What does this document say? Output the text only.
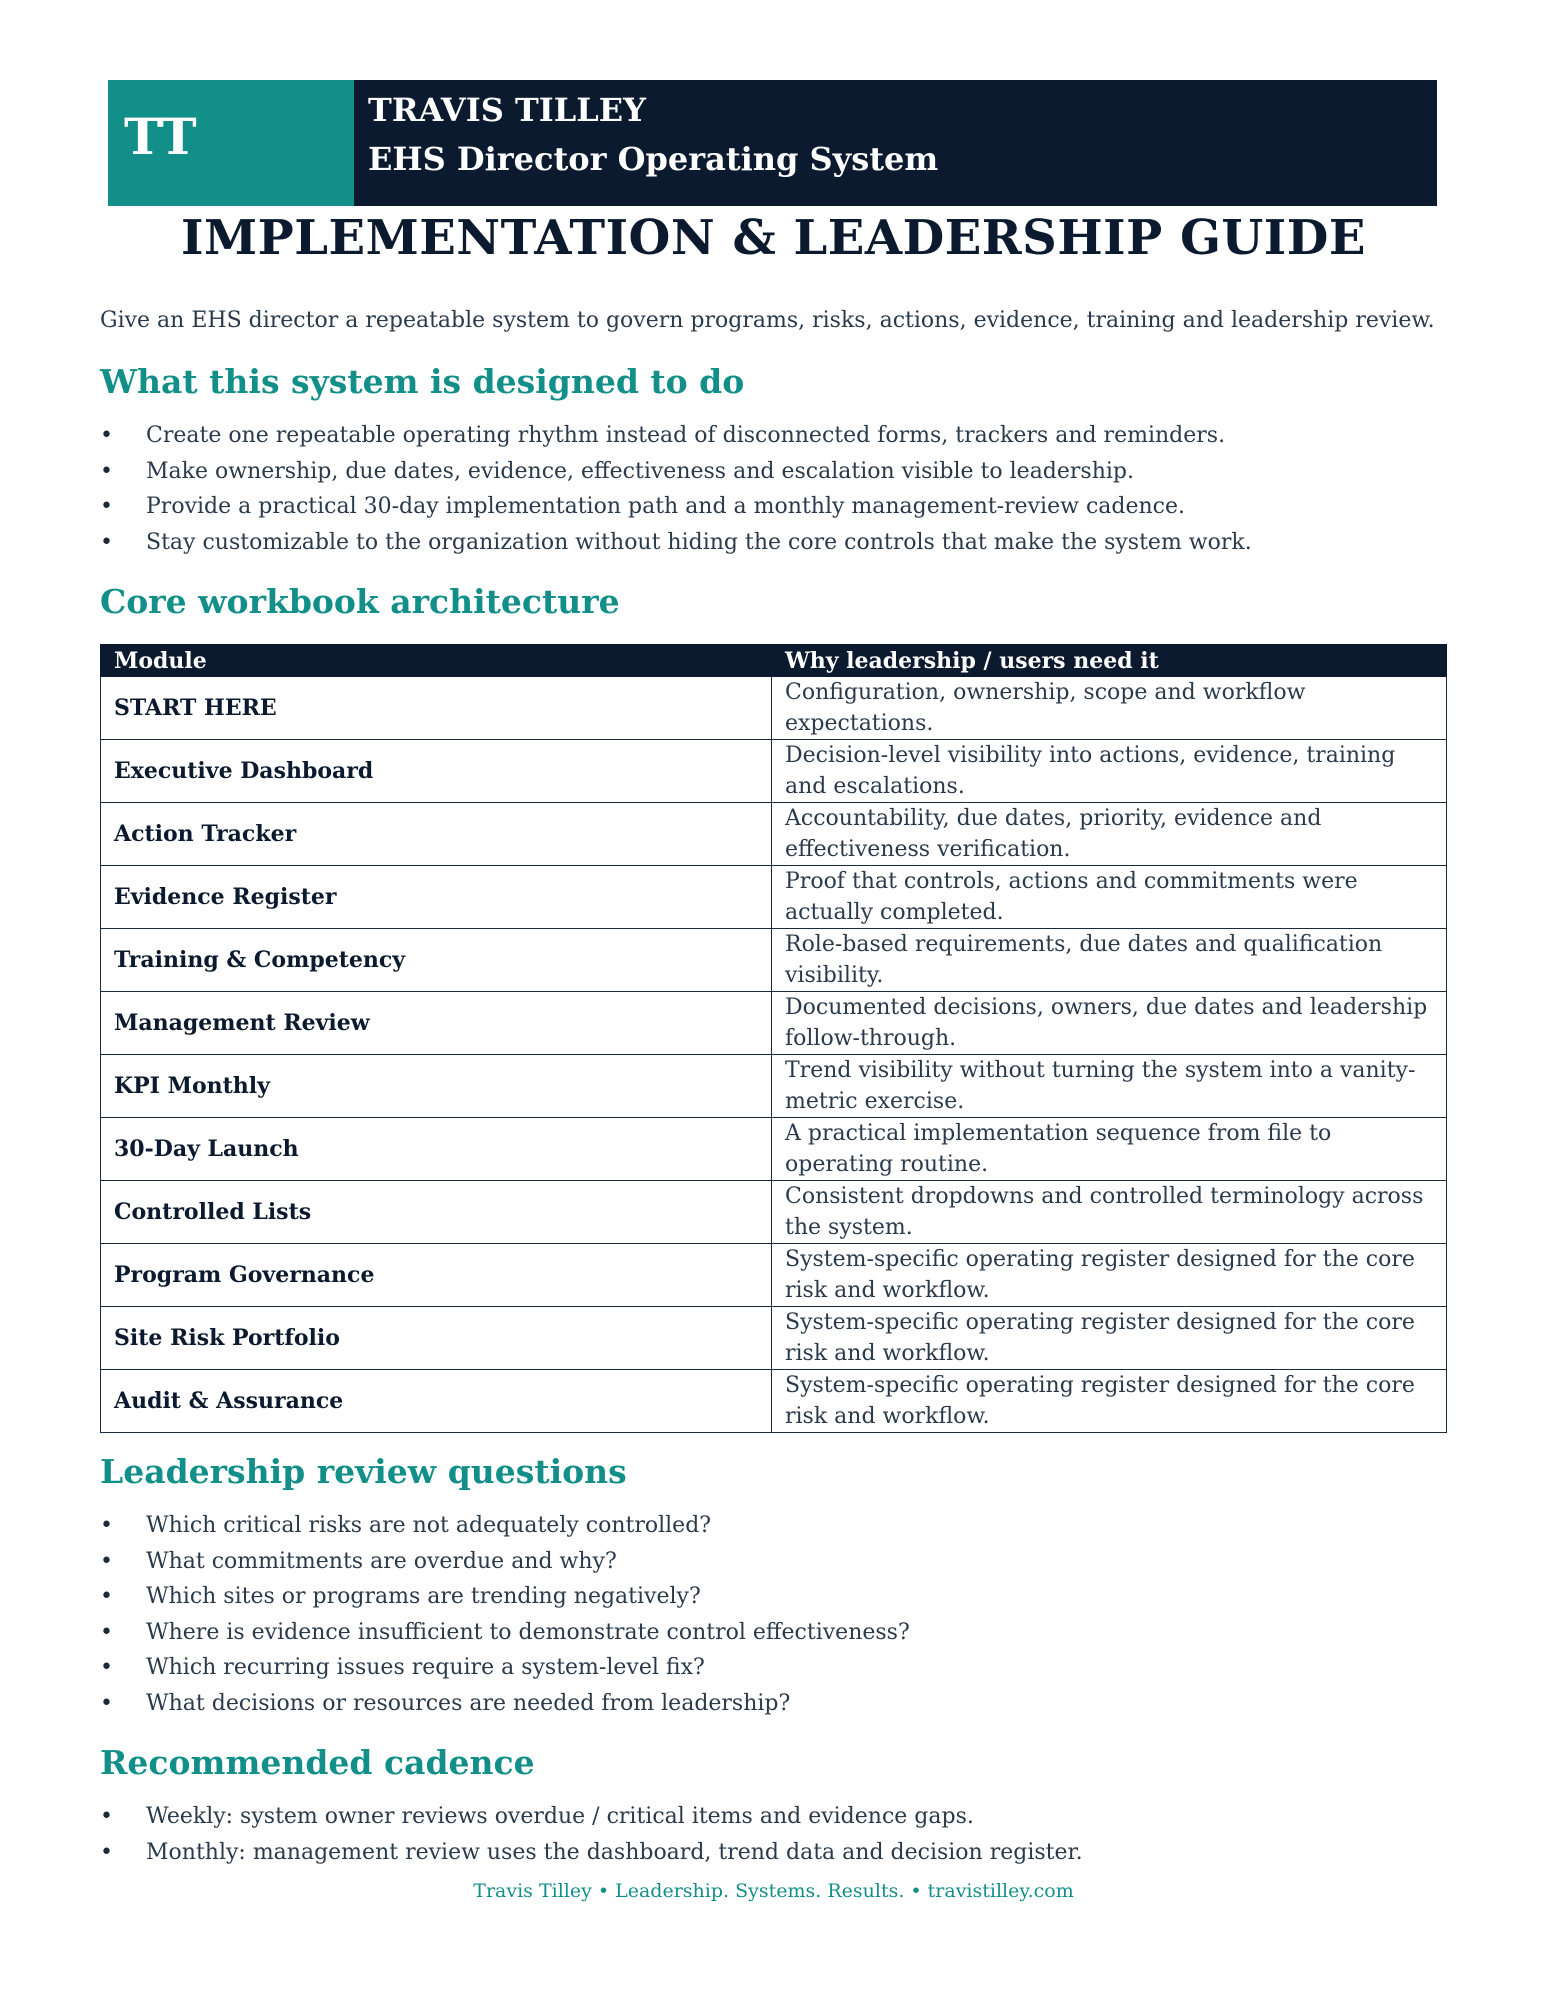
TT	TRAVIS TILLEY
EHS Director Operating System
IMPLEMENTATION & LEADERSHIP GUIDE
Give an EHS director a repeatable system to govern programs, risks, actions, evidence, training and leadership review.
What this system is designed to do
• Create one repeatable operating rhythm instead of disconnected forms, trackers and reminders.
• Make ownership, due dates, evidence, effectiveness and escalation visible to leadership.
• Provide a practical 30-day implementation path and a monthly management-review cadence.
• Stay customizable to the organization without hiding the core controls that make the system work.
Core workbook architecture
Module	Why leadership / users need it
START HERE	Configuration, ownership, scope and workflow expectations.
Executive Dashboard	Decision-level visibility into actions, evidence, training and escalations.
Action Tracker	Accountability, due dates, priority, evidence and effectiveness verification.
Evidence Register	Proof that controls, actions and commitments were actually completed.
Training & Competency	Role-based requirements, due dates and qualification visibility.
Management Review	Documented decisions, owners, due dates and leadership follow-through.
KPI Monthly	Trend visibility without turning the system into a vanity-metric exercise.
30-Day Launch	A practical implementation sequence from file to operating routine.
Controlled Lists	Consistent dropdowns and controlled terminology across the system.
Program Governance	System-specific operating register designed for the core risk and workflow.
Site Risk Portfolio	System-specific operating register designed for the core risk and workflow.
Audit & Assurance	System-specific operating register designed for the core risk and workflow.
Leadership review questions
• Which critical risks are not adequately controlled?
• What commitments are overdue and why?
• Which sites or programs are trending negatively?
• Where is evidence insufficient to demonstrate control effectiveness?
• Which recurring issues require a system-level fix?
• What decisions or resources are needed from leadership?
Recommended cadence
• Weekly: system owner reviews overdue / critical items and evidence gaps.
• Monthly: management review uses the dashboard, trend data and decision register.
Travis Tilley • Leadership. Systems. Results. • travistilley.com
